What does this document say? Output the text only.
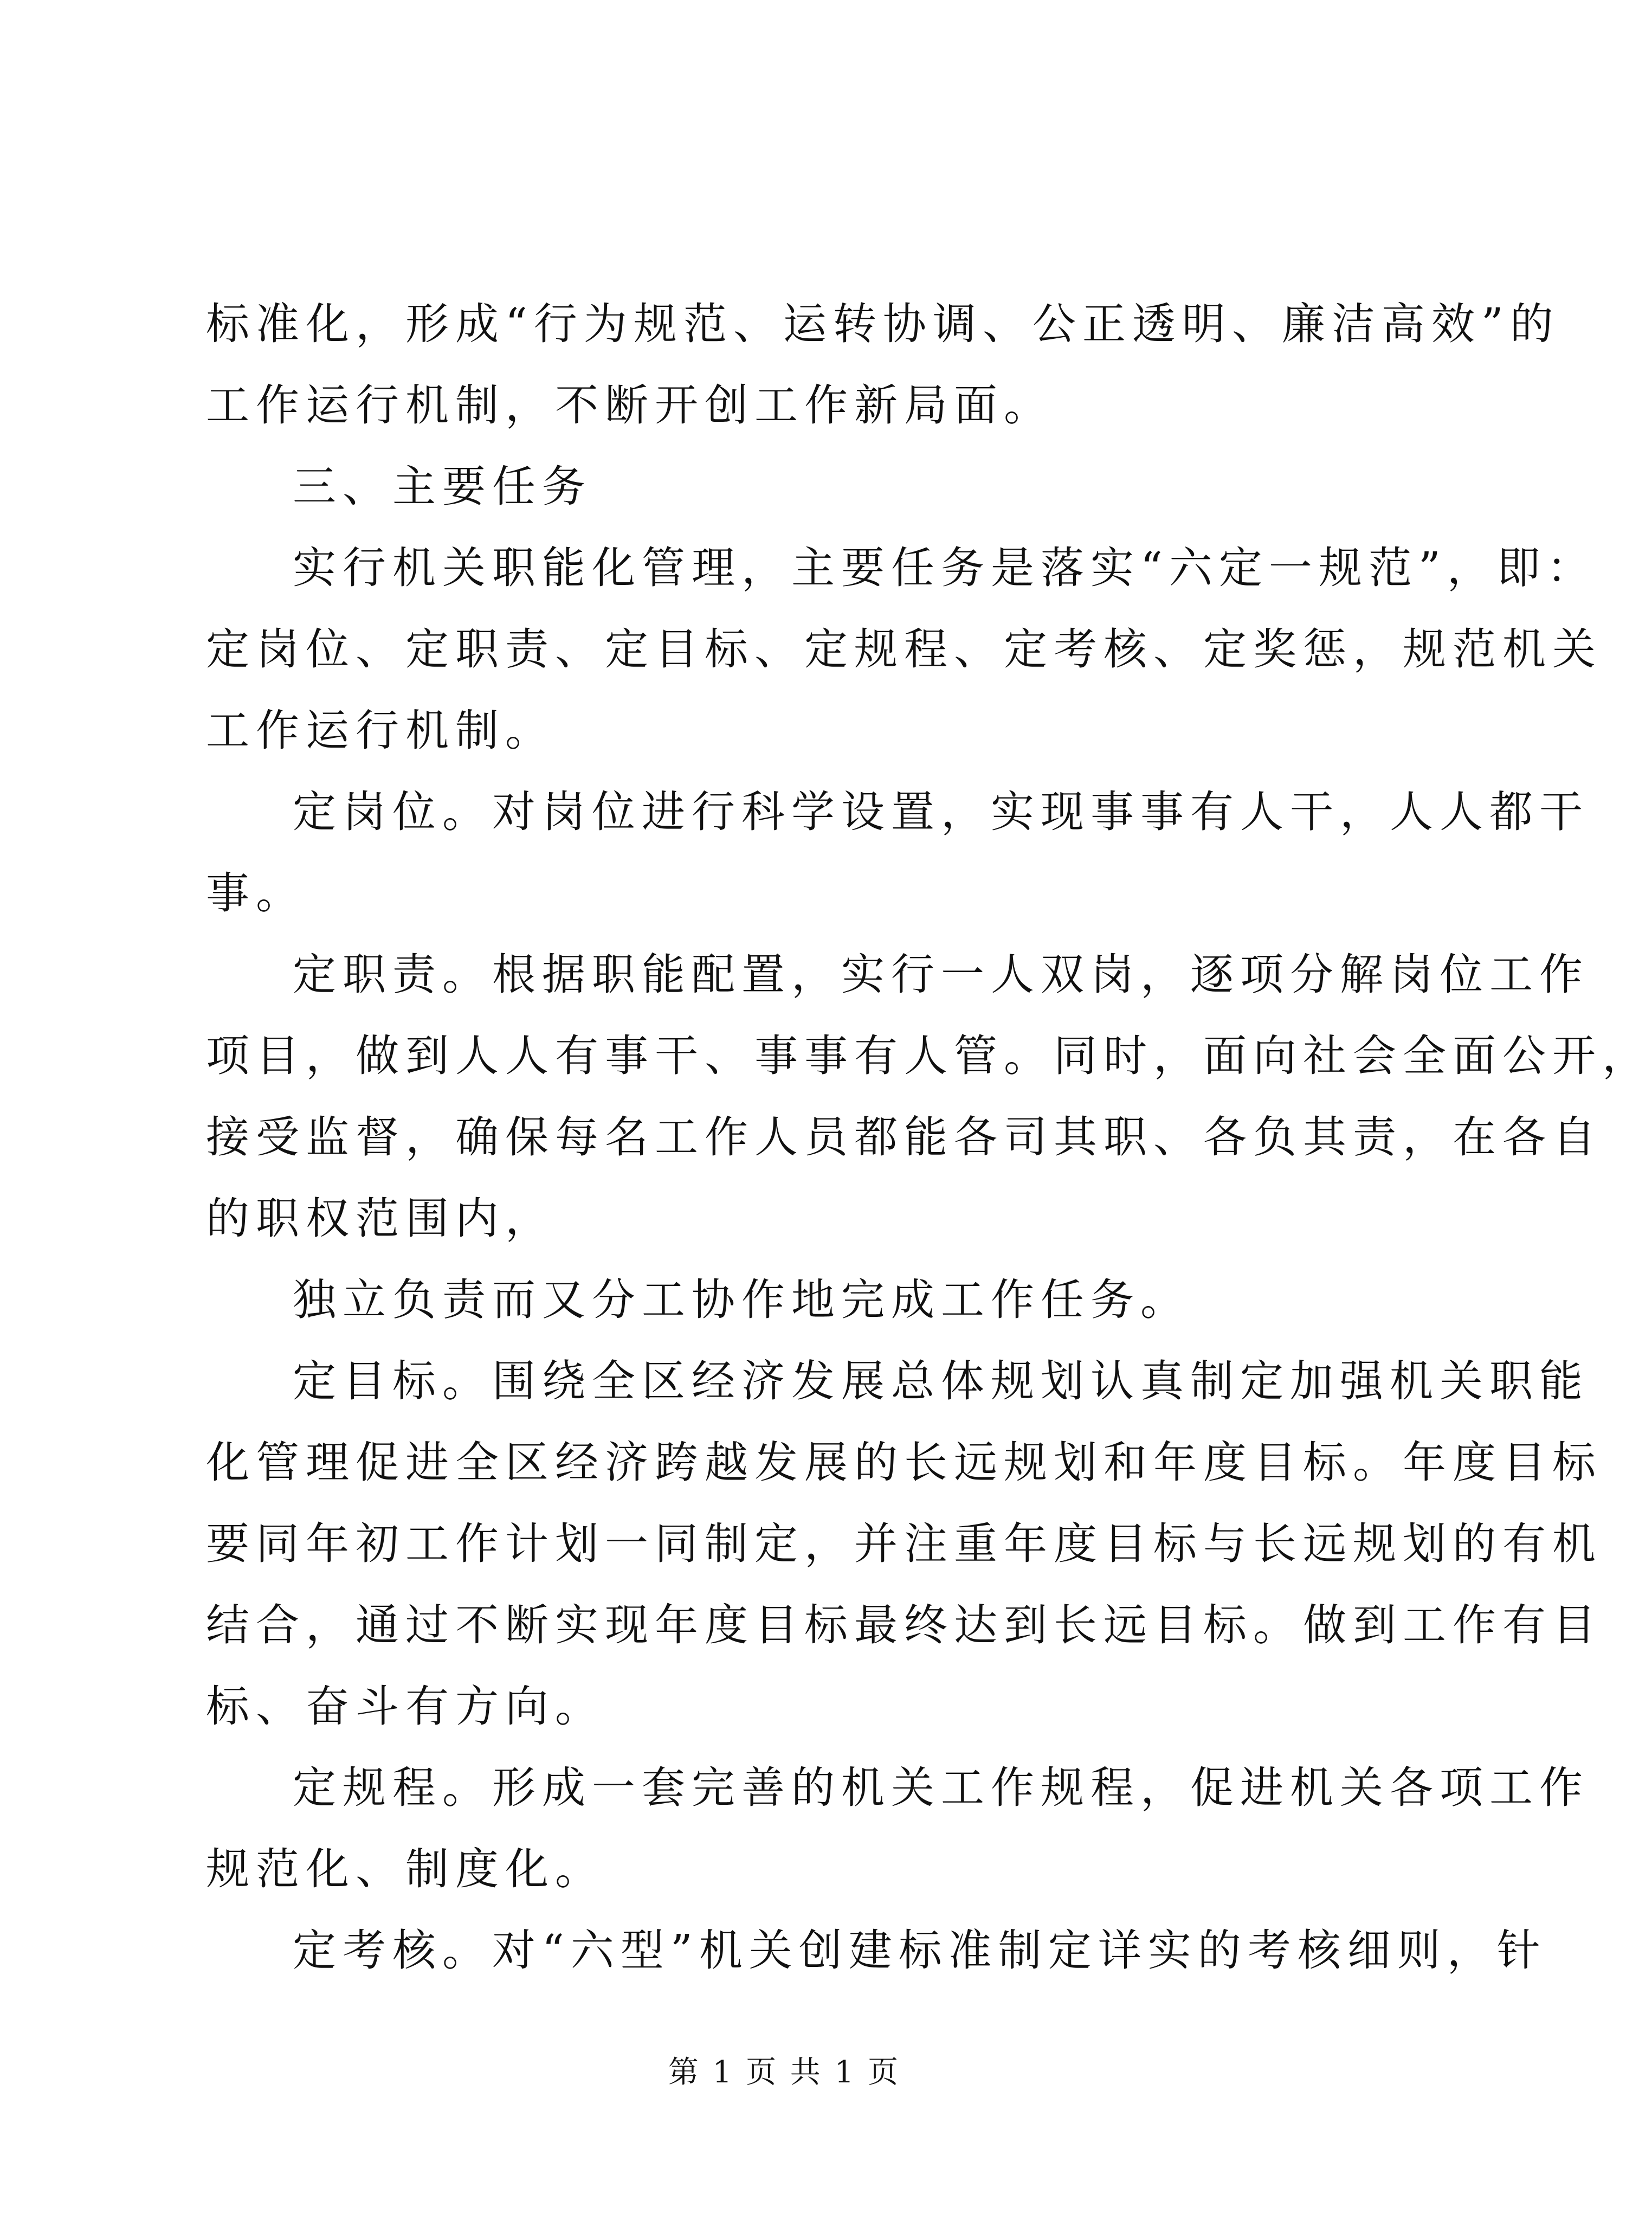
标准化，形成“行为规范、运转协调、公正透明、廉洁高效”的
工作运行机制，不断开创工作新局面。
三、主要任务
实行机关职能化管理，主要任务是落实“六定一规范”，即：
定岗位、定职责、定目标、定规程、定考核、定奖惩，规范机关
工作运行机制。
定岗位。对岗位进行科学设置，实现事事有人干，人人都干
事。
定职责。根据职能配置，实行一人双岗，逐项分解岗位工作
项目，做到人人有事干、事事有人管。同时，面向社会全面公开，
接受监督，确保每名工作人员都能各司其职、各负其责，在各自
的职权范围内，
独立负责而又分工协作地完成工作任务。
定目标。围绕全区经济发展总体规划认真制定加强机关职能
化管理促进全区经济跨越发展的长远规划和年度目标。年度目标
要同年初工作计划一同制定，并注重年度目标与长远规划的有机
结合，通过不断实现年度目标最终达到长远目标。做到工作有目
标、奋斗有方向。
定规程。形成一套完善的机关工作规程，促进机关各项工作
规范化、制度化。
定考核。对“六型”机关创建标准制定详实的考核细则，针
第 1 页 共 1 页
